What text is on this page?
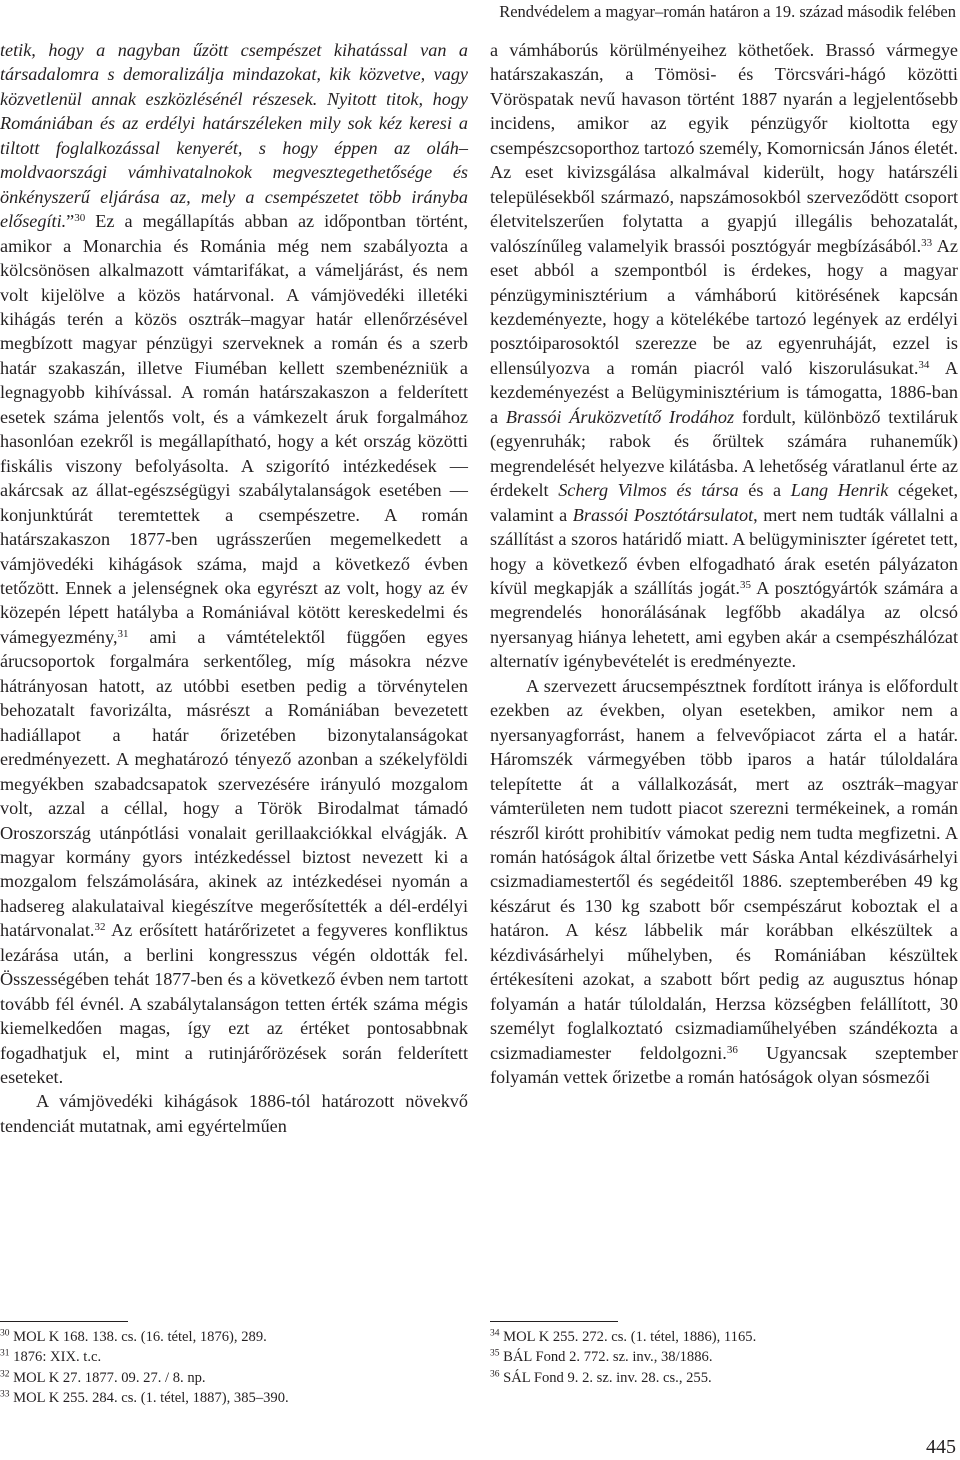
Rendvédelem a magyar–román határon a 19. század második felében

tetik, hogy a nagyban űzött csempészet kihatással van a társadalomra s demoralizálja mindazokat, kik közvetve, vagy közvetlenül annak eszközlésénél részesek. Nyitott titok, hogy Romániában és az erdélyi határszéleken mily sok kéz keresi a tiltott foglalkozással kenyerét, s hogy éppen az oláh–moldvaországi vámhivatalnokok megvesztegethetősége és önkényszerű eljárása az, mely a csempészetet több irányba elősegíti.”$^{30}$ Ez a megállapítás abban az időpontban történt, amikor a Monarchia és Románia még nem szabályozta a kölcsönösen alkalmazott vámtarifákat, a vámeljárást, és nem volt kijelölve a közös határvonal. A vámjövedéki illetéki kihágás terén a közös osztrák–magyar határ ellenőrzésével megbízott magyar pénzügyi szerveknek a román és a szerb határ szakaszán, illetve Fiuméban kellett szembenézniük a legnagyobb kihívással. A román határszakaszon a felderített esetek száma jelentős volt, és a vámkezelt áruk forgalmához hasonlóan ezekről is megállapítható, hogy a két ország közötti fiskális viszony befolyásolta. A szigorító intézkedések — akárcsak az állat-egészségügyi szabálytalanságok esetében — konjunktúrát teremtettek a csempészetre. A román határszakaszon 1877-ben ugrásszerűen megemelkedett a vámjövedéki kihágások száma, majd a következő évben tetőzött. Ennek a jelenségnek oka egyrészt az volt, hogy az év közepén lépett hatályba a Romániával kötött kereskedelmi és vámegyezmény,$^{31}$ ami a vámtételektől függően egyes árucsoportok forgalmára serkentőleg, míg másokra nézve hátrányosan hatott, az utóbbi esetben pedig a törvénytelen behozatalt favorizálta, másrészt a Romániában bevezetett hadiállapot a határ őrizetében bizonytalanságokat eredményezett. A meghatározó tényező azonban a székelyföldi megyékben szabadcsapatok szervezésére irányuló mozgalom volt, azzal a céllal, hogy a Török Birodalmat támadó Oroszország utánpótlási vonalait gerillaakciókkal elvágják. A magyar kormány gyors intézkedéssel biztost nevezett ki a mozgalom felszámolására, akinek az intézkedései nyomán a hadsereg alakulataival kiegészítve megerősítették a dél-erdélyi határvonalat.$^{32}$ Az erősített határőrizetet a fegyveres konfliktus lezárása után, a berlini kongresszus végén oldották fel. Összességében tehát 1877-ben és a következő évben nem tartott tovább fél évnél. A szabálytalanságon tetten érték száma mégis kiemelkedően magas, így ezt az értéket pontosabbnak fogadhatjuk el, mint a rutinjárőrözések során felderített eseteket.

A vámjövedéki kihágások 1886-tól határozott növekvő tendenciát mutatnak, ami egyértelműen

a vámháborús körülményeihez köthetőek. Brassó vármegye határszakaszán, a Tömösi- és Törcsvári-hágó közötti Vöröspatak nevű havason történt 1887 nyarán a legjelentősebb incidens, amikor az egyik pénzügyőr kioltotta egy csempészcsoporthoz tartozó személy, Komornicsán János életét. Az eset kivizsgálása alkalmával kiderült, hogy határszéli településekből származó, napszámosokból szerveződött csoport életvitelszerűen folytatta a gyapjú illegális behozatalát, valószínűleg valamelyik brassói posztógyár megbízásából.$^{33}$ Az eset abból a szempontból is érdekes, hogy a magyar pénzügyminisztérium a vámháború kitörésének kapcsán kezdeményezte, hogy a kötelékébe tartozó legények az erdélyi posztóiparosoktól szerezze be az egyenruháját, ezzel is ellensúlyozva a román piacról való kiszorulásukat.$^{34}$ A kezdeményezést a Belügyminisztérium is támogatta, 1886-ban a Brassói Áruközvetítő Irodához fordult, különböző textiláruk (egyenruhák; rabok és őrültek számára ruhaneműk) megrendelését helyezve kilátásba. A lehetőség váratlanul érte az érdekelt Scherg Vilmos és társa és a Lang Henrik cégeket, valamint a Brassói Posztótársulatot, mert nem tudták vállalni a szállítást a szoros határidő miatt. A belügyminiszter ígéretet tett, hogy a következő évben elfogadható árak esetén pályázaton kívül megkapják a szállítás jogát.$^{35}$ A posztógyártók számára a megrendelés honorálásának legfőbb akadálya az olcsó nyersanyag hiánya lehetett, ami egyben akár a csempészhálózat alternatív igénybevételét is eredményezte.

A szervezett árucsempésztnek fordított iránya is előfordult ezekben az években, olyan esetekben, amikor nem a nyersanyagforrást, hanem a felvevőpiacot zárta el a határ. Háromszék vármegyében több iparos a határ túloldalára telepítette át a vállalkozását, mert az osztrák–magyar vámterületen nem tudott piacot szerezni termékeinek, a román részről kirótt prohibitív vámokat pedig nem tudta megfizetni. A román hatóságok által őrizetbe vett Sáska Antal kézdivásárhelyi csizmadiamestertől és segédeitől 1886. szeptemberében 49 kg készárut és 130 kg szabott bőr csempészárut koboztak el a határon. A kész lábbelik már korábban elkészültek a kézdivásárhelyi műhelyben, és Romániában készültek értékesíteni azokat, a szabott bőrt pedig az augusztus hónap folyamán a határ túloldalán, Herzsa községben felállított, 30 személyt foglalkoztató csizmadiaműhelyében szándékozta a csizmadiamester feldolgozni.$^{36}$ Ugyancsak szeptember folyamán vettek őrizetbe a román hatóságok olyan sósmezői

$^{30}$ MOL K 168. 138. cs. (16. tétel, 1876), 289.
$^{31}$ 1876: XIX. t.c.
$^{32}$ MOL K 27. 1877. 09. 27. / 8. np.
$^{33}$ MOL K 255. 284. cs. (1. tétel, 1887), 385–390.
$^{34}$ MOL K 255. 272. cs. (1. tétel, 1886), 1165.
$^{35}$ BÁL Fond 2. 772. sz. inv., 38/1886.
$^{36}$ SÁL Fond 9. 2. sz. inv. 28. cs., 255.
445
